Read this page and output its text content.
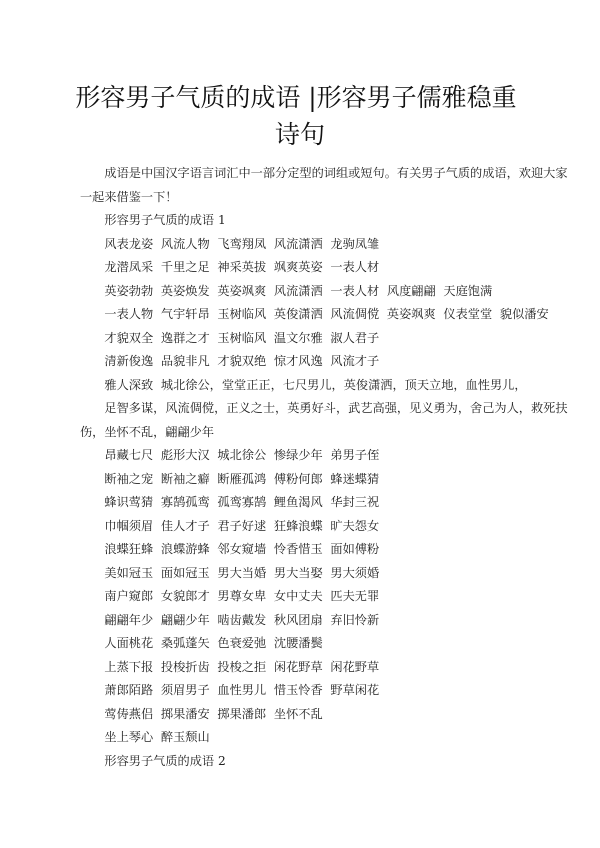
形容男子气质的成语 |形容男子儒雅稳重
诗句

成语是中国汉字语言词汇中一部分定型的词组或短句。有关男子气质的成语，欢迎大家一起来借鉴一下！

形容男子气质的成语 1

风表龙姿  风流人物  飞鸾翔凤  风流潇洒  龙驹凤雏

龙潜凤采  千里之足  神采英拔  飒爽英姿  一表人材

英姿勃勃  英姿焕发  英姿飒爽  风流潇洒  一表人材  风度翩翩  天庭饱满

一表人物  气宇轩昂  玉树临风  英俊潇洒  风流倜傥  英姿飒爽  仪表堂堂  貌似潘安

才貌双全  逸群之才  玉树临风  温文尔雅  淑人君子

清新俊逸  品貌非凡  才貌双绝  惊才风逸  风流才子

雅人深致  城北徐公，堂堂正正，七尺男儿，英俊潇洒，顶天立地，血性男儿，

足智多谋，风流倜傥，正义之士，英勇好斗，武艺高强，见义勇为，舍己为人，救死扶伤，坐怀不乱，翩翩少年

昂藏七尺  彪形大汉  城北徐公  惨绿少年  弟男子侄

断袖之宠  断袖之癖  断雁孤鸿  傅粉何郎  蜂迷蝶猜

蜂识莺猜  寡鹄孤鸾  孤鸾寡鹄  鲤鱼渴风  华封三祝

巾帼须眉  佳人才子  君子好逑  狂蜂浪蝶  旷夫怨女

浪蝶狂蜂  浪蝶游蜂  邻女窥墙  怜香惜玉  面如傅粉

美如冠玉  面如冠玉  男大当婚  男大当娶  男大须婚

南户窥郎  女貌郎才  男尊女卑  女中丈夫  匹夫无罪

翩翩年少  翩翩少年  啮齿戴发  秋风团扇  弃旧怜新

人面桃花  桑弧蓬矢  色衰爱弛  沈腰潘鬓

上蒸下报  投梭折齿  投梭之拒  闲花野草  闲花野草

萧郎陌路  须眉男子  血性男儿  惜玉怜香  野草闲花

莺俦燕侣  掷果潘安  掷果潘郎  坐怀不乱

坐上琴心  醉玉颓山

形容男子气质的成语 2
